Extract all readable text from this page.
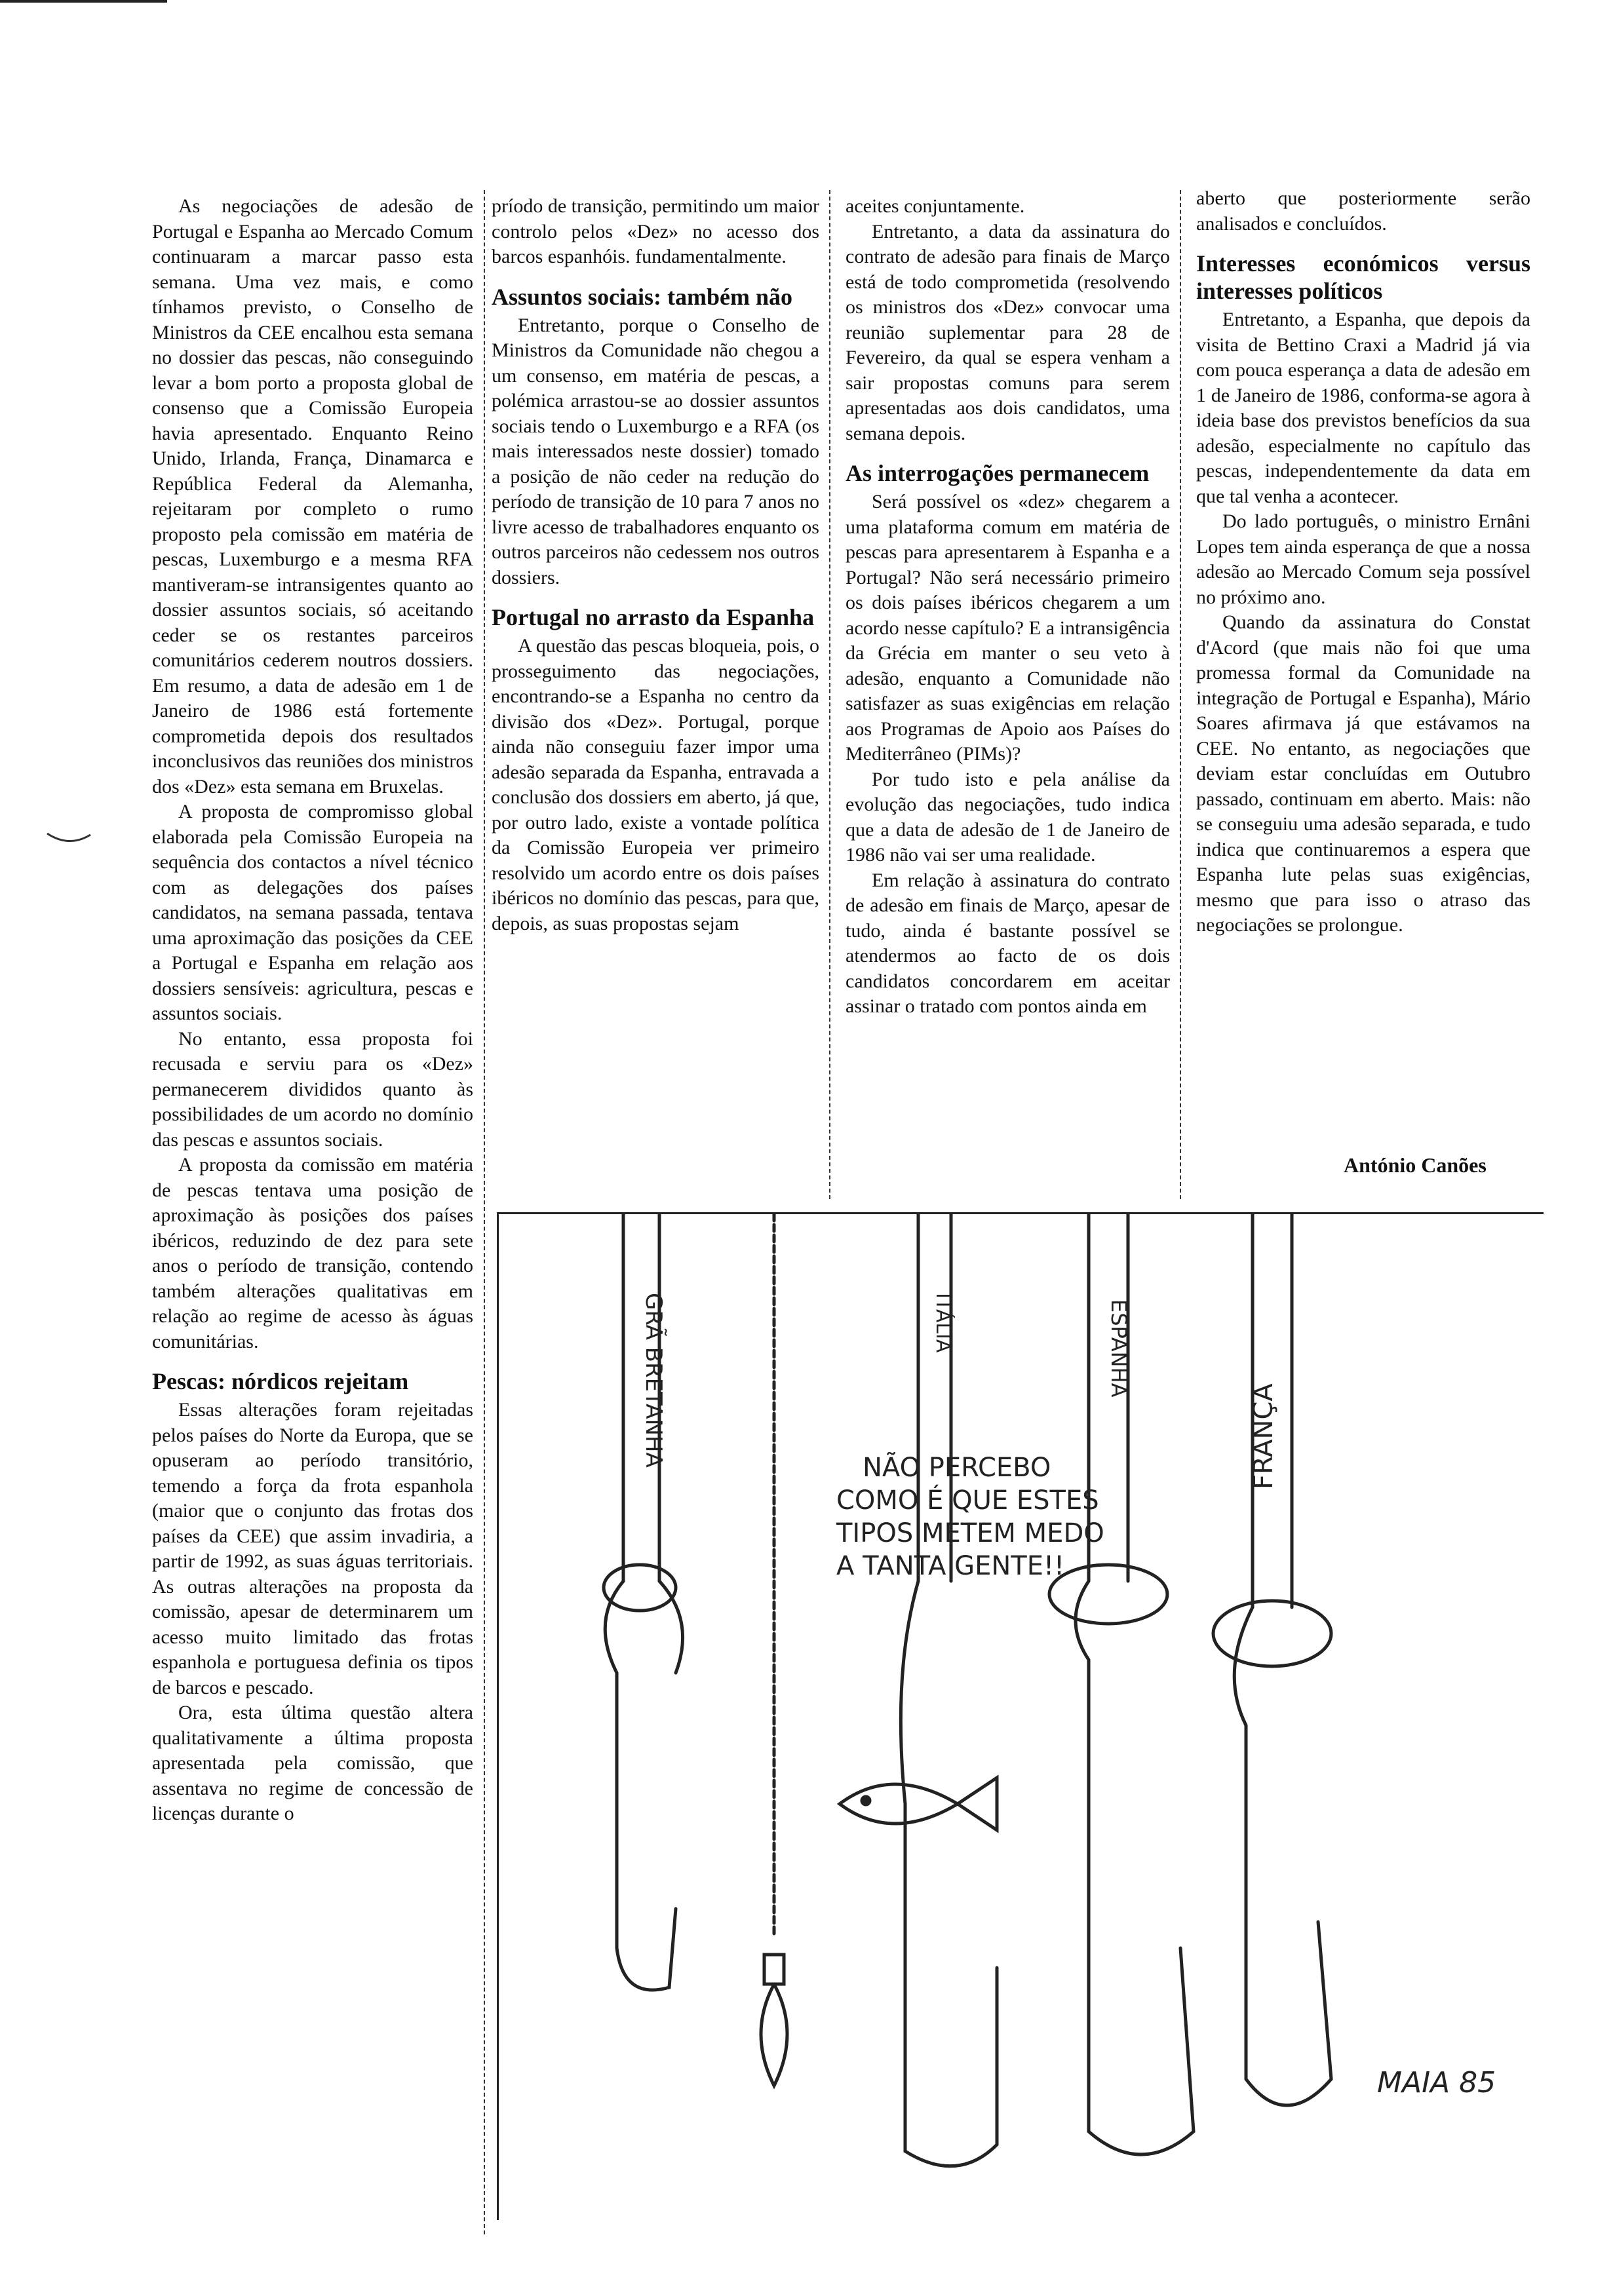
As negociações de adesão de Portugal e Espanha ao Mercado Comum continuaram a marcar passo esta semana. Uma vez mais, e como tínhamos previsto, o Conselho de Ministros da CEE encalhou esta semana no dossier das pescas, não conseguindo levar a bom porto a proposta global de consenso que a Comissão Europeia havia apresentado. Enquanto Reino Unido, Irlanda, França, Dinamarca e República Federal da Alemanha, rejeitaram por completo o rumo proposto pela comissão em matéria de pescas, Luxemburgo e a mesma RFA mantiveram-se intransigentes quanto ao dossier assuntos sociais, só aceitando ceder se os restantes parceiros comunitários cederem noutros dossiers. Em resumo, a data de adesão em 1 de Janeiro de 1986 está fortemente comprometida depois dos resultados inconclusivos das reuniões dos ministros dos «Dez» esta semana em Bruxelas.

A proposta de compromisso global elaborada pela Comissão Europeia na sequência dos contactos a nível técnico com as delegações dos países candidatos, na semana passada, tentava uma aproximação das posições da CEE a Portugal e Espanha em relação aos dossiers sensíveis: agricultura, pescas e assuntos sociais.

No entanto, essa proposta foi recusada e serviu para os «Dez» permanecerem divididos quanto às possibilidades de um acordo no domínio das pescas e assuntos sociais.

A proposta da comissão em matéria de pescas tentava uma posição de aproximação às posições dos países ibéricos, reduzindo de dez para sete anos o período de transição, contendo também alterações qualitativas em relação ao regime de acesso às águas comunitárias.

Pescas: nórdicos rejeitam

Essas alterações foram rejeitadas pelos países do Norte da Europa, que se opuseram ao período transitório, temendo a força da frota espanhola (maior que o conjunto das frotas dos países da CEE) que assim invadiria, a partir de 1992, as suas águas territoriais. As outras alterações na proposta da comissão, apesar de determinarem um acesso muito limitado das frotas espanhola e portuguesa definia os tipos de barcos e pescado.

Ora, esta última questão altera qualitativamente a última proposta apresentada pela comissão, que assentava no regime de concessão de licenças durante o

príodo de transição, permitindo um maior controlo pelos «Dez» no acesso dos barcos espanhóis. fundamentalmente.

Assuntos sociais: também não

Entretanto, porque o Conselho de Ministros da Comunidade não chegou a um consenso, em matéria de pescas, a polémica arrastou-se ao dossier assuntos sociais tendo o Luxemburgo e a RFA (os mais interessados neste dossier) tomado a posição de não ceder na redução do período de transição de 10 para 7 anos no livre acesso de trabalhadores enquanto os outros parceiros não cedessem nos outros dossiers.

Portugal no arrasto da Espanha

A questão das pescas bloqueia, pois, o prosseguimento das negociações, encontrando-se a Espanha no centro da divisão dos «Dez». Portugal, porque ainda não conseguiu fazer impor uma adesão separada da Espanha, entravada a conclusão dos dossiers em aberto, já que, por outro lado, existe a vontade política da Comissão Europeia ver primeiro resolvido um acordo entre os dois países ibéricos no domínio das pescas, para que, depois, as suas propostas sejam

aceites conjuntamente.

Entretanto, a data da assinatura do contrato de adesão para finais de Março está de todo comprometida (resolvendo os ministros dos «Dez» convocar uma reunião suplementar para 28 de Fevereiro, da qual se espera venham a sair propostas comuns para serem apresentadas aos dois candidatos, uma semana depois.

As interrogações permanecem

Será possível os «dez» chegarem a uma plataforma comum em matéria de pescas para apresentarem à Espanha e a Portugal? Não será necessário primeiro os dois países ibéricos chegarem a um acordo nesse capítulo? E a intransigência da Grécia em manter o seu veto à adesão, enquanto a Comunidade não satisfazer as suas exigências em relação aos Programas de Apoio aos Países do Mediterrâneo (PIMs)?

Por tudo isto e pela análise da evolução das negociações, tudo indica que a data de adesão de 1 de Janeiro de 1986 não vai ser uma realidade.

Em relação à assinatura do contrato de adesão em finais de Março, apesar de tudo, ainda é bastante possível se atendermos ao facto de os dois candidatos concordarem em aceitar assinar o tratado com pontos ainda em

aberto que posteriormente serão analisados e concluídos.

Interesses económicos versus interesses políticos

Entretanto, a Espanha, que depois da visita de Bettino Craxi a Madrid já via com pouca esperança a data de adesão em 1 de Janeiro de 1986, conforma-se agora à ideia base dos previstos benefícios da sua adesão, especialmente no capítulo das pescas, independentemente da data em que tal venha a acontecer.

Do lado português, o ministro Ernâni Lopes tem ainda esperança de que a nossa adesão ao Mercado Comum seja possível no próximo ano.

Quando da assinatura do Constat d'Acord (que mais não foi que uma promessa formal da Comunidade na integração de Portugal e Espanha), Mário Soares afirmava já que estávamos na CEE. No entanto, as negociações que deviam estar concluídas em Outubro passado, continuam em aberto. Mais: não se conseguiu uma adesão separada, e tudo indica que continuaremos a espera que Espanha lute pelas suas exigências, mesmo que para isso o atraso das negociações se prolongue.

António Canões
GRÃ BRETANHA	ITÁLIA	ESPANHA
FRANÇA
NÃO PERCEBO
COMO É QUE ESTES
TIPOS METEM MEDO
A TANTA GENTE!!
MAIA 85
